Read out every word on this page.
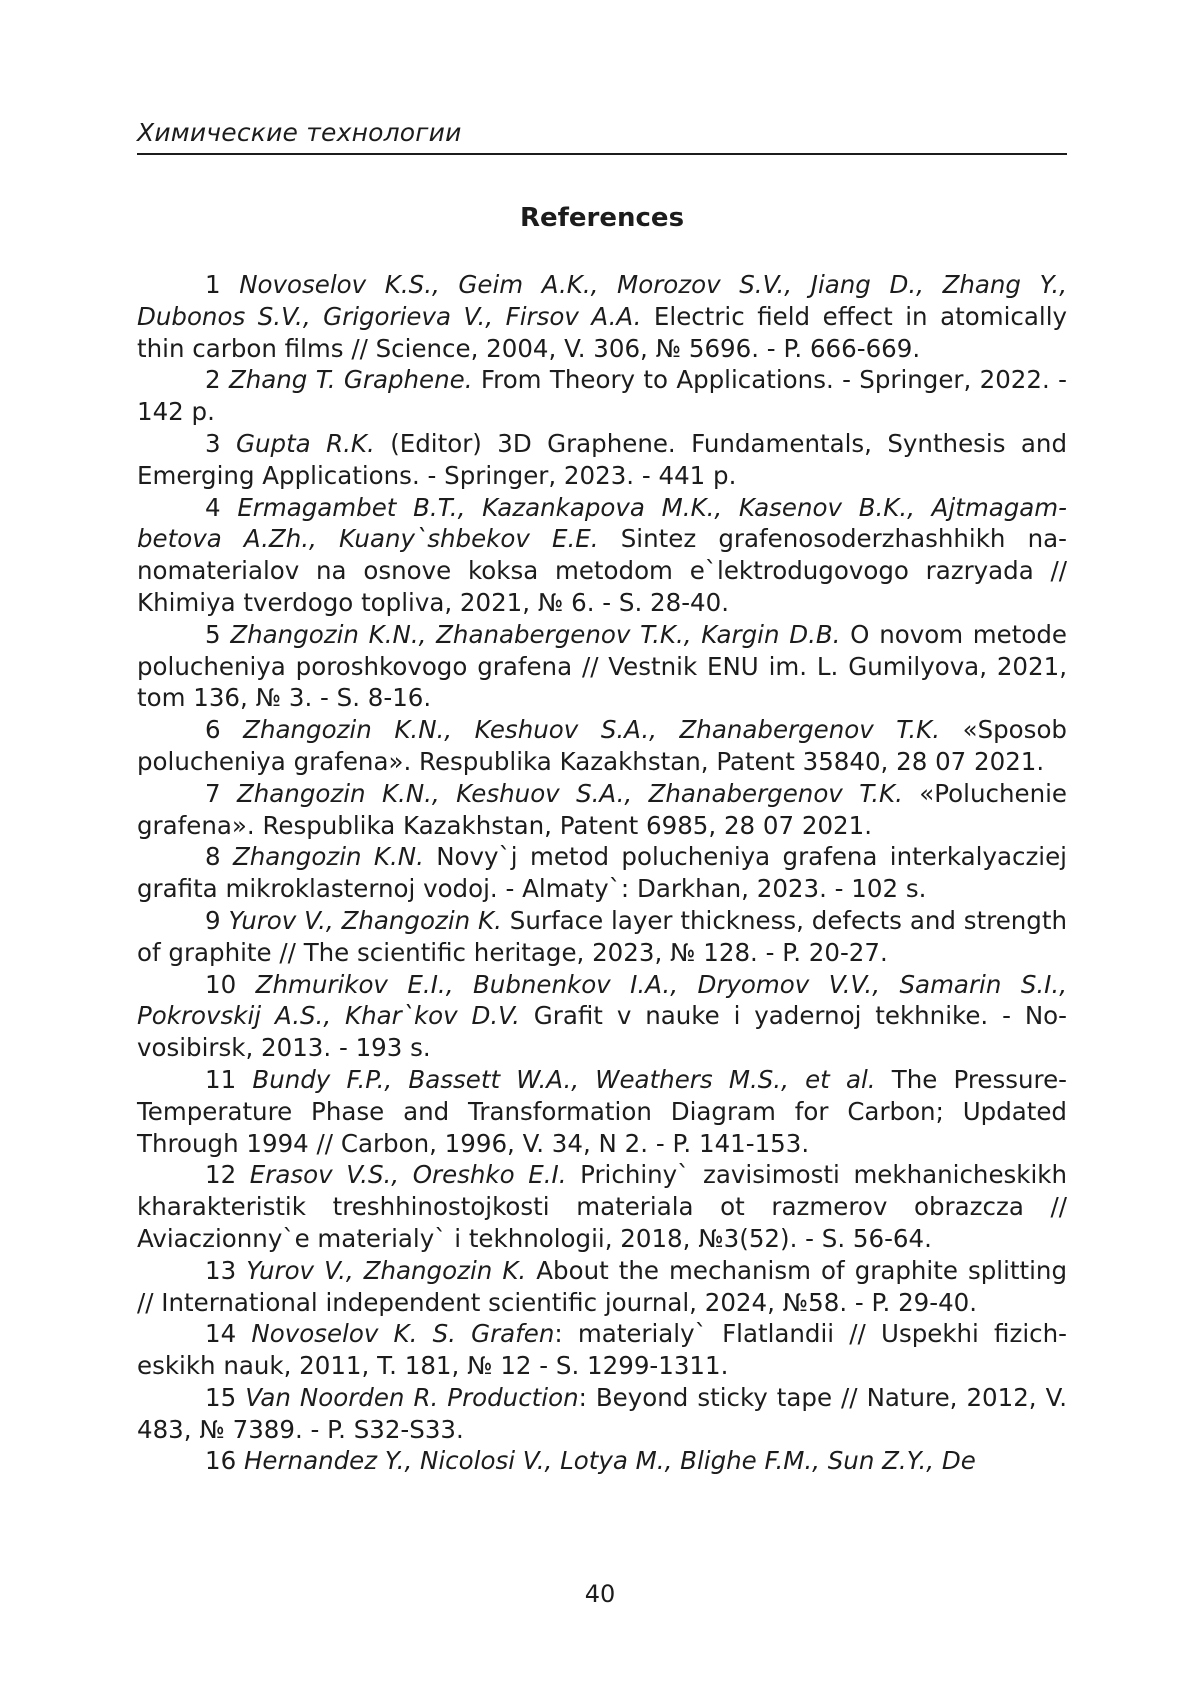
Химические технологии
References
1 Novoselov K.S., Geim A.K., Morozov S.V., Jiang D., Zhang Y., Dubonos S.V., Grigorieva V., Firsov A.A. Electric field effect in atomi­cally thin carbon films // Science, 2004, V. 306, № 5696. - P. 666-669.
2 Zhang T. Graphene. From Theory to Applications. - Springer, 2022. - 142 p.
3 Gupta R.K. (Editor) 3D Graphene. Fundamentals, Synthesis and Emerging Applications. - Springer, 2023. - 441 p.
4 Ermagambet B.T., Kazankapova M.K., Kasenov B.K., Ajtmagam­betova A.Zh., Kuany`shbekov E.E. Sintez grafenosoderzhashhikh na­nomaterialov na osnove koksa metodom e`lektrodugovogo razryada // Khimiya tverdogo topliva, 2021, № 6. - S. 28-40.
5 Zhangozin K.N., Zhanabergenov T.K., Kargin D.B. O novom metode polucheniya poroshkovogo grafena // Vestnik ENU im. L. Gumi­lyova, 2021, tom 136, № 3. - S. 8-16.
6 Zhangozin K.N., Keshuov S.A., Zhanabergenov T.K. «Sposob polucheniya grafena». Respublika Kazakhstan, Patent 35840, 28 07 2021.
7 Zhangozin K.N., Keshuov S.A., Zhanabergenov T.K. «Poluch­enie grafena». Respublika Kazakhstan, Patent 6985, 28 07 2021.
8 Zhangozin K.N. Novy`j metod polucheniya grafena interkaly­acziej grafita mikroklasternoj vodoj. - Almaty`: Darkhan, 2023. - 102 s.
9 Yurov V., Zhangozin K. Surface layer thickness, defects and strength of graphite // The scientific heritage, 2023, № 128. - P. 20-27.
10 Zhmurikov E.I., Bubnenkov I.A., Dryomov V.V., Samarin S.I., Pokrovskij A.S., Khar`kov D.V. Grafit v nauke i yadernoj tekhnike. - No­vosibirsk, 2013. - 193 s.
11 Bundy F.P., Bassett W.A., Weathers M.S., et al. The Pres­sure-Temperature Phase and Transformation Diagram for Carbon; Up­dated Through 1994 // Carbon, 1996, V. 34, N 2. - P. 141-153.
12 Erasov V.S., Oreshko E.I. Prichiny` zavisimosti mekhanich­eskikh kharakteristik treshhinostojkosti materiala ot razmerov obrazcza // Aviaczionny`e materialy` i tekhnologii, 2018, №3(52). - S. 56-64.
13 Yurov V., Zhangozin K. About the mechanism of graphite split­ting // International independent scientific journal, 2024, №58. - P. 29-40.
14 Novoselov K. S. Grafen: materialy` Flatlandii // Uspekhi fizich­eskikh nauk, 2011, T. 181, № 12 - S. 1299-1311.
15 Van Noorden R. Production: Beyond sticky tape // Nature, 2012, V. 483, № 7389. - P. S32-S33.
16 Hernandez Y., Nicolosi V., Lotya M., Blighe F.M., Sun Z.Y., De
40
